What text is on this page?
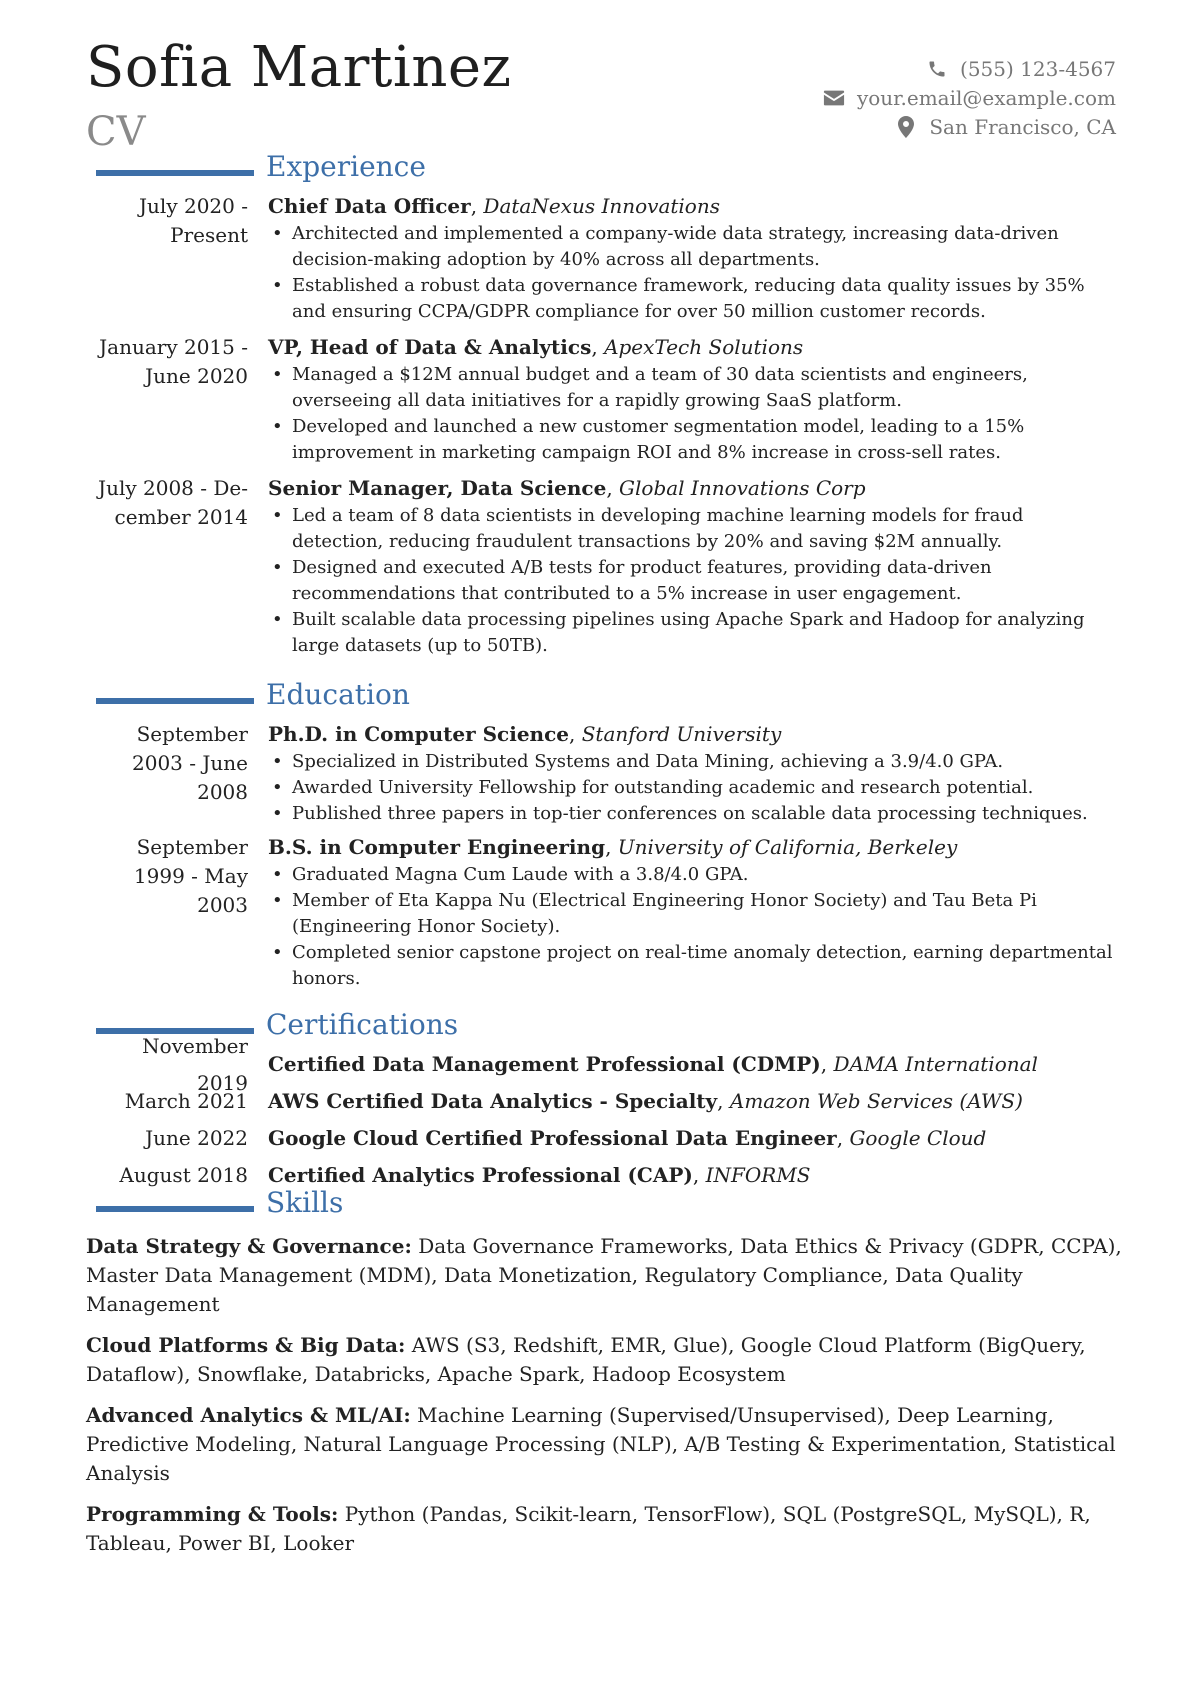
Sofia Martinez
CV
(555) 123-4567
your.email@example.com
San Francisco, CA
Experience
July 2020 -
Present
Chief Data Officer, DataNexus Innovations
• Architected and implemented a company-wide data strategy, increasing data-driven decision-making adoption by 40% across all departments.
• Established a robust data governance framework, reducing data quality issues by 35% and ensuring CCPA/GDPR compliance for over 50 million customer records.
January 2015 -
June 2020
VP, Head of Data & Analytics, ApexTech Solutions
• Managed a $12M annual budget and a team of 30 data scientists and engineers, overseeing all data initiatives for a rapidly growing SaaS platform.
• Developed and launched a new customer segmentation model, leading to a 15% improvement in marketing campaign ROI and 8% increase in cross-sell rates.
July 2008 - De-
cember 2014
Senior Manager, Data Science, Global Innovations Corp
• Led a team of 8 data scientists in developing machine learning models for fraud detection, reducing fraudulent transactions by 20% and saving $2M annually.
• Designed and executed A/B tests for product features, providing data-driven recommendations that contributed to a 5% increase in user engagement.
• Built scalable data processing pipelines using Apache Spark and Hadoop for analyzing large datasets (up to 50TB).
Education
September
2003 - June
2008
Ph.D. in Computer Science, Stanford University
• Specialized in Distributed Systems and Data Mining, achieving a 3.9/4.0 GPA.
• Awarded University Fellowship for outstanding academic and research potential.
• Published three papers in top-tier conferences on scalable data processing techniques.
September
1999 - May
2003
B.S. in Computer Engineering, University of California, Berkeley
• Graduated Magna Cum Laude with a 3.8/4.0 GPA.
• Member of Eta Kappa Nu (Electrical Engineering Honor Society) and Tau Beta Pi (Engineering Honor Society).
• Completed senior capstone project on real-time anomaly detection, earning departmental honors.
Certifications
November 2019
Certified Data Management Professional (CDMP), DAMA International
March 2021 AWS Certified Data Analytics - Specialty, Amazon Web Services (AWS)
June 2022 Google Cloud Certified Professional Data Engineer, Google Cloud
August 2018 Certified Analytics Professional (CAP), INFORMS
Skills
Data Strategy & Governance: Data Governance Frameworks, Data Ethics & Privacy (GDPR, CCPA), Master Data Management (MDM), Data Monetization, Regulatory Compliance, Data Quality Management
Cloud Platforms & Big Data: AWS (S3, Redshift, EMR, Glue), Google Cloud Platform (BigQuery, Dataflow), Snowflake, Databricks, Apache Spark, Hadoop Ecosystem
Advanced Analytics & ML/AI: Machine Learning (Supervised/Unsupervised), Deep Learning, Predictive Modeling, Natural Language Processing (NLP), A/B Testing & Experimentation, Statistical Analysis
Programming & Tools: Python (Pandas, Scikit-learn, TensorFlow), SQL (PostgreSQL, MySQL), R, Tableau, Power BI, Looker
